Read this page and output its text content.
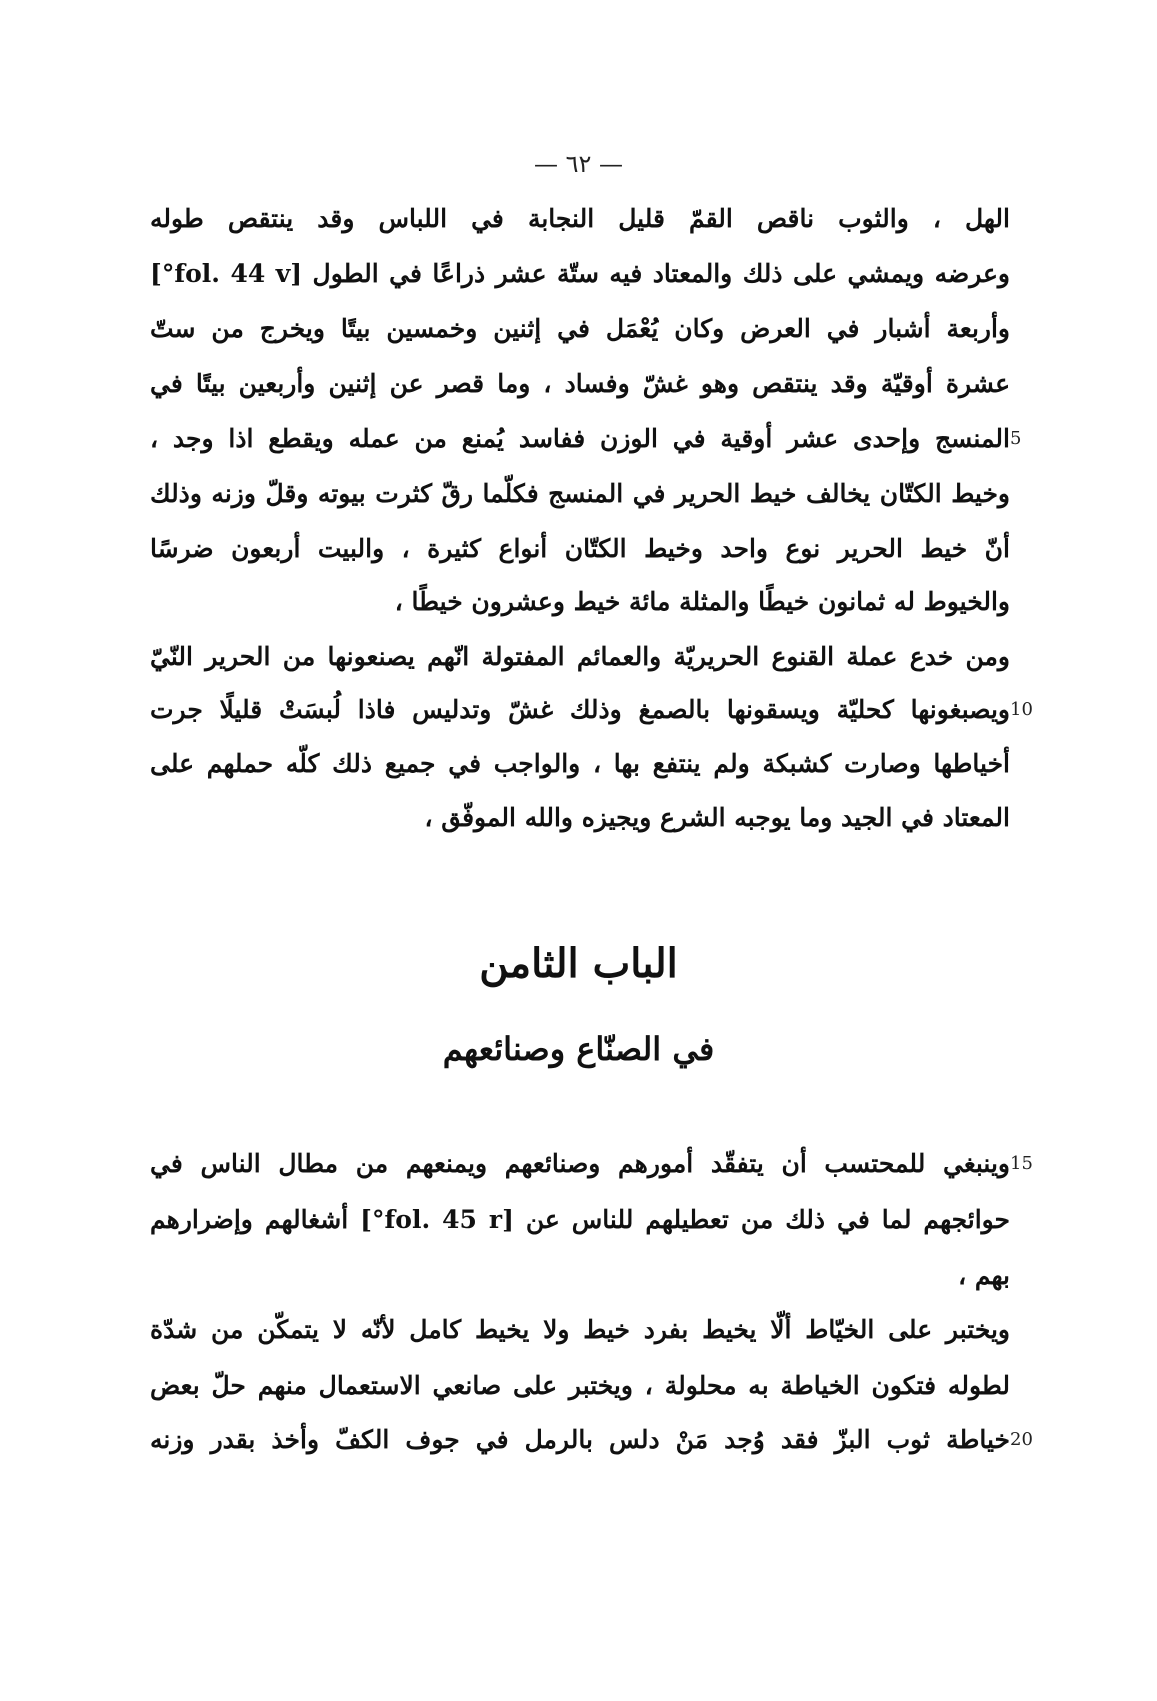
— ٦٢ —
الهل ، والثوب ناقص القمّ قليل النجابة في اللباس وقد ينتقص طوله
وعرضه ويمشي على ذلك والمعتاد فيه ستّة عشر ذراعًا في الطول [fol. 44 v°]
وأربعة أشبار في العرض وكان يُعْمَل في إثنين وخمسين بيتًا ويخرج من ستّ
عشرة أوقيّة وقد ينتقص وهو غشّ وفساد ، وما قصر عن إثنين وأربعين بيتًا في
المنسج وإحدى عشر أوقية في الوزن ففاسد يُمنع من عمله ويقطع اذا وجد ، 5
وخيط الكتّان يخالف خيط الحرير في المنسج فكلّما رقّ كثرت بيوته وقلّ وزنه وذلك
أنّ خيط الحرير نوع واحد وخيط الكتّان أنواع كثيرة ، والبيت أربعون ضرسًا
والخيوط له ثمانون خيطًا والمثلة مائة خيط وعشرون خيطًا ،
ومن خدع عملة القنوع الحريريّة والعمائم المفتولة انّهم يصنعونها من الحرير النّيّ
ويصبغونها كحليّة ويسقونها بالصمغ وذلك غشّ وتدليس فاذا لُبسَتْ قليلًا جرت 10
أخياطها وصارت كشبكة ولم ينتفع بها ، والواجب في جميع ذلك كلّه حملهم على
المعتاد في الجيد وما يوجبه الشرع ويجيزه والله الموفّق ،
الباب الثامن
في الصنّاع وصنائعهم
وينبغي للمحتسب أن يتفقّد أمورهم وصنائعهم ويمنعهم من مطال الناس في 15
حوائجهم لما في ذلك من تعطيلهم للناس عن [fol. 45 r°] أشغالهم وإضرارهم
بهم ،
ويختبر على الخيّاط ألّا يخيط بفرد خيط ولا يخيط كامل لأنّه لا يتمكّن من شدّة
لطوله فتكون الخياطة به محلولة ، ويختبر على صانعي الاستعمال منهم حلّ بعض
خياطة ثوب البزّ فقد وُجد مَنْ دلس بالرمل في جوف الكفّ وأخذ بقدر وزنه 20
